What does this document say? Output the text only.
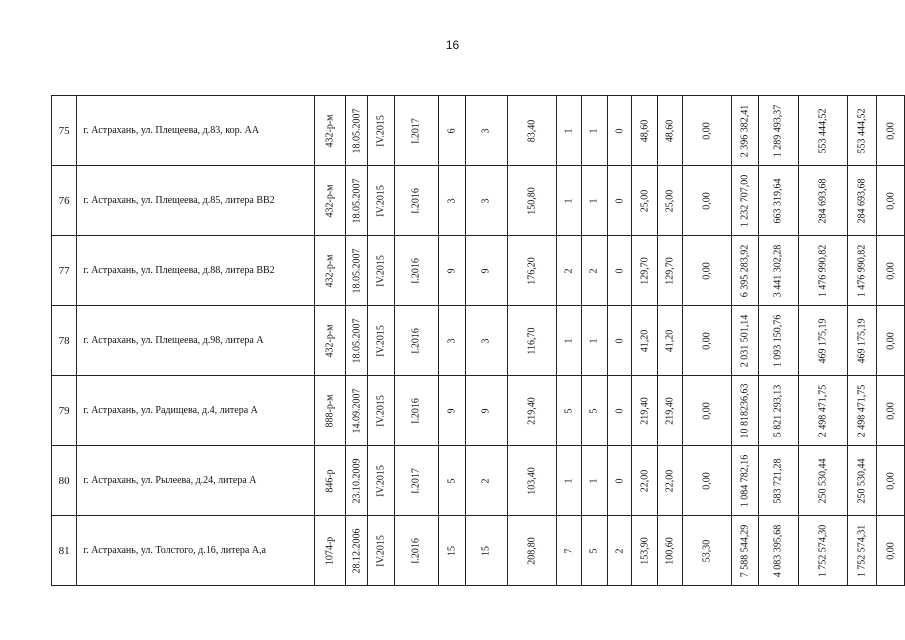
16
75	г. Астрахань, ул. Плещеева, д.83, кор. АА	432-р-м	18.05.2007	IV.2015	I.2017	6	3	83,40	1	1	0	48,60	48,60	0,00	2 396 382,41	1 289 493,37	553 444,52	553 444,52	0,00

76	г. Астрахань, ул. Плещеева, д.85, литера ВВ2	432-р-м	18.05.2007	IV.2015	I.2016	3	3	150,80	1	1	0	25,00	25,00	0,00	1 232 707,00	663 319,64	284 693,68	284 693,68	0,00

77	г. Астрахань, ул. Плещеева, д.88, литера ВВ2	432-р-м	18.05.2007	IV.2015	I.2016	9	9	176,20	2	2	0	129,70	129,70	0,00	6 395 283,92	3 441 302,28	1 476 990,82	1 476 990,82	0,00

78	г. Астрахань, ул. Плещеева, д.98, литера А	432-р-м	18.05.2007	IV.2015	I.2016	3	3	116,70	1	1	0	41,20	41,20	0,00	2 031 501,14	1 093 150,76	469 175,19	469 175,19	0,00

79	г. Астрахань, ул. Радищева, д.4, литера А	888-р-м	14.09.2007	IV.2015	I.2016	9	9	219,40	5	5	0	219,40	219,40	0,00	10 818236,63	5 821 293,13	2 498 471,75	2 498 471,75	0,00

80	г. Астрахань, ул. Рылеева, д.24, литера А	846-р	23.10.2009	IV.2015	I.2017	5	2	103,40	1	1	0	22,00	22,00	0,00	1 084 782,16	583 721,28	250 530,44	250 530,44	0,00

81	г. Астрахань, ул. Толстого, д.16, литера А,а	1074-р	28.12.2006	IV.2015	I.2016	15	15	208,80	7	5	2	153,90	100,60	53,30	7 588 544,29	4 083 395,68	1 752 574,30	1 752 574,31	0,00
